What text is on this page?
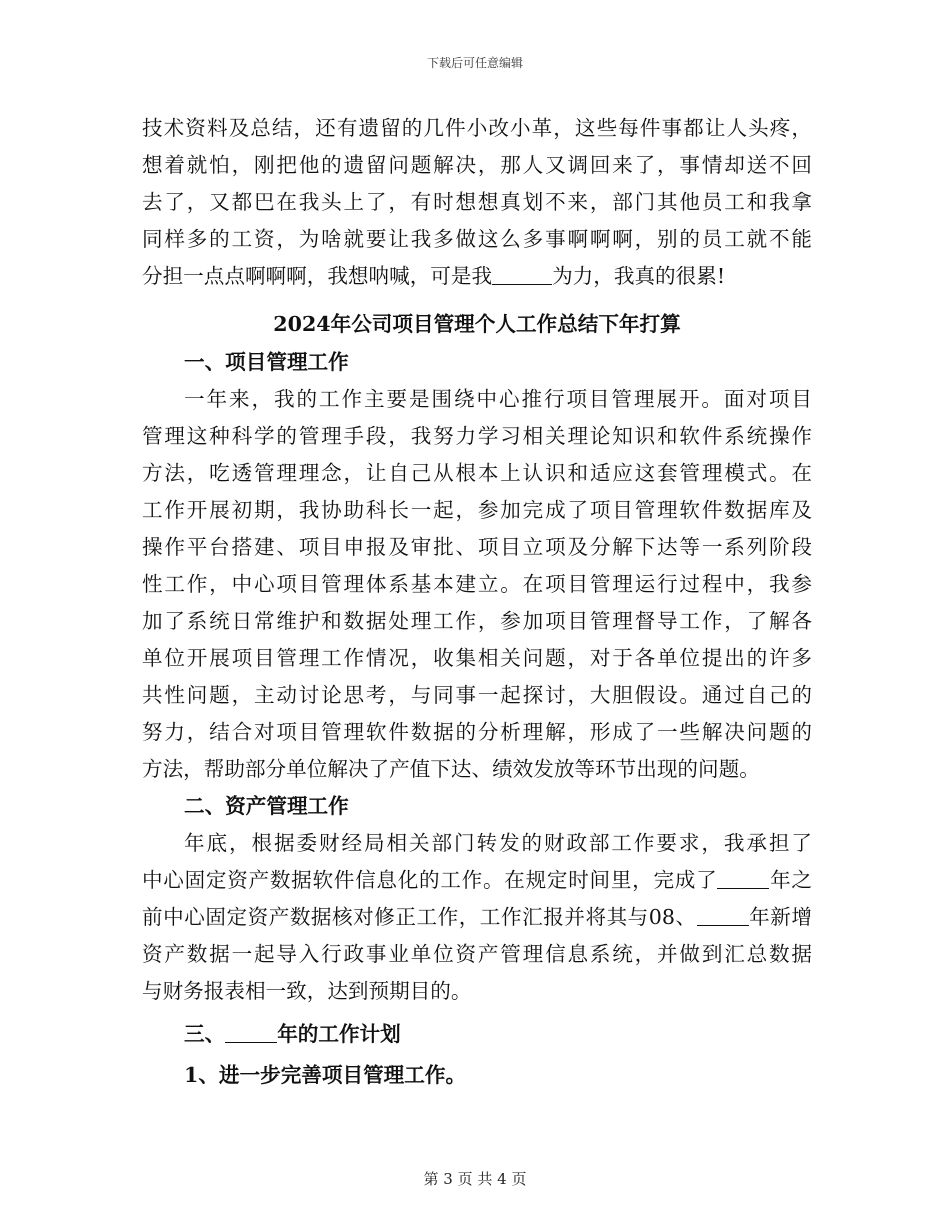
下载后可任意编辑
技术资料及总结，还有遗留的几件小改小革，这些每件事都让人头疼，
想着就怕，刚把他的遗留问题解决，那人又调回来了，事情却送不回
去了，又都巴在我头上了，有时想想真划不来，部门其他员工和我拿
同样多的工资，为啥就要让我多做这么多事啊啊啊，别的员工就不能
分担一点点啊啊啊，我想呐喊，可是我	为力，我真的很累!
2024年公司项目管理个人工作总结下年打算
一、项目管理工作
一年来，我的工作主要是围绕中心推行项目管理展开。面对项目
管理这种科学的管理手段，我努力学习相关理论知识和软件系统操作
方法，吃透管理理念，让自己从根本上认识和适应这套管理模式。在
工作开展初期，我协助科长一起，参加完成了项目管理软件数据库及
操作平台搭建、项目申报及审批、项目立项及分解下达等一系列阶段
性工作，中心项目管理体系基本建立。在项目管理运行过程中，我参
加了系统日常维护和数据处理工作，参加项目管理督导工作，了解各
单位开展项目管理工作情况，收集相关问题，对于各单位提出的许多
共性问题，主动讨论思考，与同事一起探讨，大胆假设。通过自己的
努力，结合对项目管理软件数据的分析理解，形成了一些解决问题的
方法，帮助部分单位解决了产值下达、绩效发放等环节出现的问题。
二、资产管理工作
年底，根据委财经局相关部门转发的财政部工作要求，我承担了
中心固定资产数据软件信息化的工作。在规定时间里，完成了	年之
前中心固定资产数据核对修正工作，工作汇报并将其与08、	年新增
资产数据一起导入行政事业单位资产管理信息系统，并做到汇总数据
与财务报表相一致，达到预期目的。
三、	年的工作计划
1、进一步完善项目管理工作。
第 3 页 共 4 页
